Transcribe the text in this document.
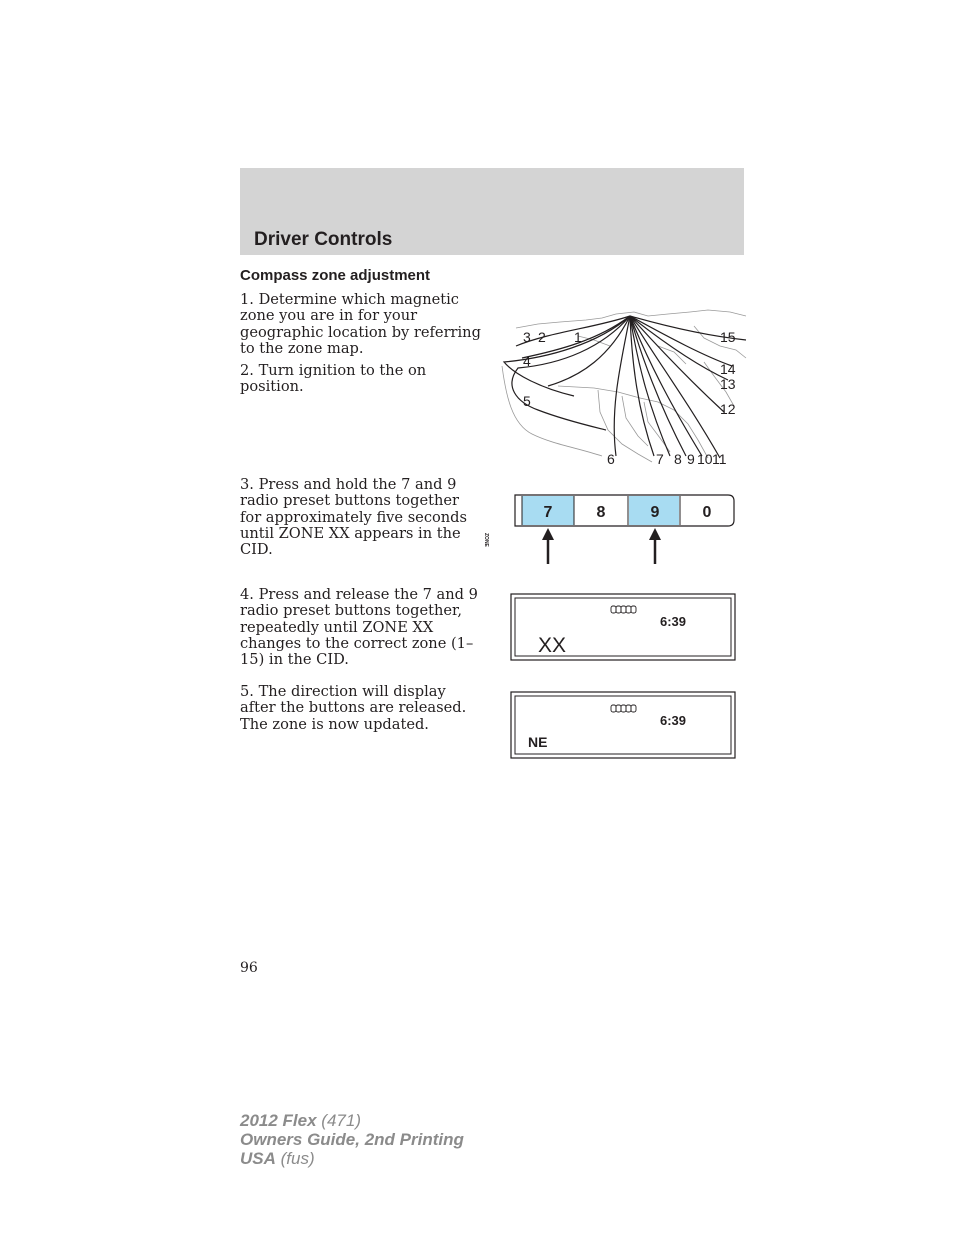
Driver Controls
Compass zone adjustment

1. Determine which magnetic zone you are in for your geographic location by referring to the zone map.

2. Turn ignition to the on position.

3. Press and hold the 7 and 9 radio preset buttons together for approximately five seconds until ZONE XX appears in the CID.

4. Press and release the 7 and 9 radio preset buttons together, repeatedly until ZONE XX changes to the correct zone (1–15) in the CID.

5. The direction will display after the buttons are released. The zone is now updated.

1
2
3
4
5
6	7 8 9 10 11
12
13
14
15
7	8	9	0
6:39
ZONE
XX
6:39
NE
96
2012 Flex (471)
Owners Guide, 2nd Printing
USA (fus)
